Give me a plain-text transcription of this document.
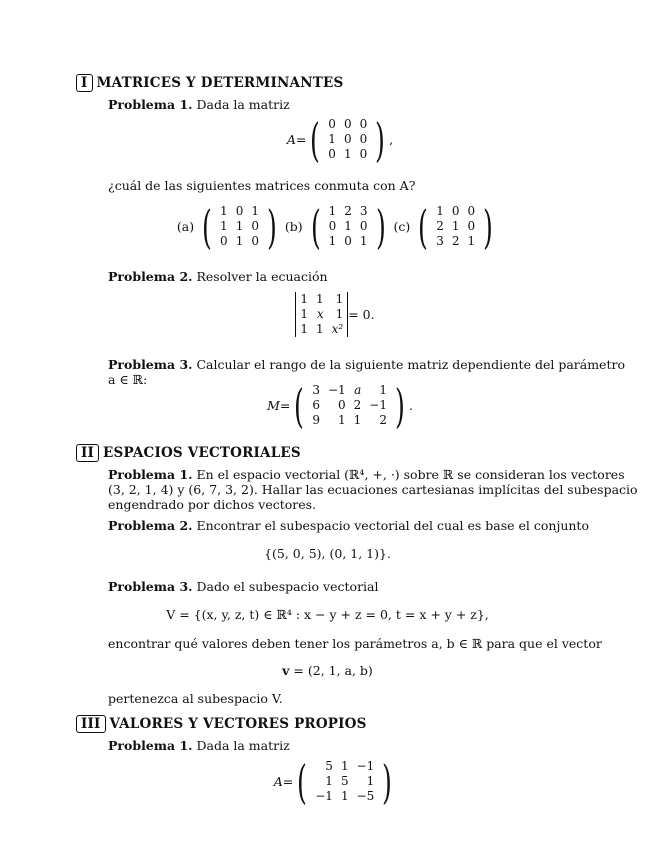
I MATRICES Y DETERMINANTES
Problema 1. Dada la matriz
A = ( 0	0	0
1	0	0
0	1	0 ) ,
¿cuál de las siguientes matrices conmuta con A?
(a) ( 1	0	1
1	1	0
0	1	0 ) (b) ( 1	2	3
0	1	0
1	0	1 ) (c) ( 1	0	0
2	1	0
3	2	1 )
Problema 2. Resolver la ecuación
1	1	1
1	x	1
1	1	x²
= 0.
Problema 3. Calcular el rango de la siguiente matriz dependiente del parámetro
a ∈ ℝ:
M = ( 3	−1	a	1
6	0	2	−1
9	1	1	2 ) .
II ESPACIOS VECTORIALES
Problema 1. En el espacio vectorial (ℝ⁴, +, ·) sobre ℝ se consideran los vectores
(3, 2, 1, 4) y (6, 7, 3, 2). Hallar las ecuaciones cartesianas implícitas del subespacio
engendrado por dichos vectores.
Problema 2. Encontrar el subespacio vectorial del cual es base el conjunto
{(5, 0, 5), (0, 1, 1)}.
Problema 3. Dado el subespacio vectorial
V = {(x, y, z, t) ∈ ℝ⁴ : x − y + z = 0, t = x + y + z},
encontrar qué valores deben tener los parámetros a, b ∈ ℝ para que el vector
v = (2, 1, a, b)
pertenezca al subespacio V.
III VALORES Y VECTORES PROPIOS
Problema 1. Dada la matriz
A = ( 5	1	−1
1	5	1
−1	1	−5 )
